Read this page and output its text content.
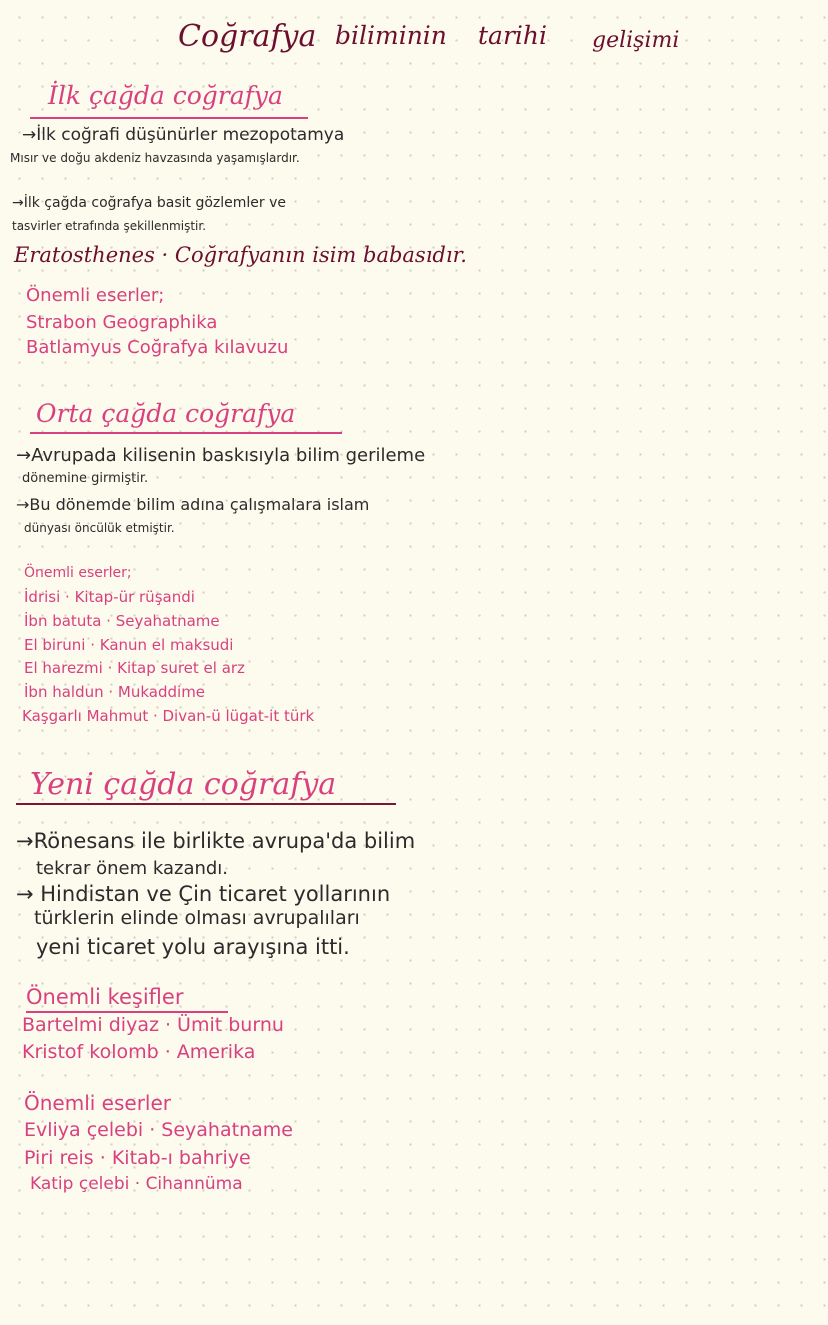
Coğrafya biliminin tarihi gelişimi
İlk çağda coğrafya
→İlk coğrafi düşünürler mezopotamya
Mısır ve doğu akdeniz havzasında yaşamışlardır.
→İlk çağda coğrafya basit gözlemler ve
tasvirler etrafında şekillenmiştir.
Eratosthenes · Coğrafyanın isim babasıdır.
Önemli eserler;
Strabon Geographika
Batlamyus Coğrafya kılavuzu
Orta çağda coğrafya
→Avrupada kilisenin baskısıyla bilim gerileme
dönemine girmiştir.
→Bu dönemde bilim adına çalışmalara islam
dünyası öncülük etmiştir.
Önemli eserler;
İdrisi · Kitap-ür rüşandi
İbn batuta · Seyahatname
El biruni · Kanun el maksudi
El harezmi · Kitap suret el arz
İbn haldun · Mukaddime
Kaşgarlı Mahmut · Divan-ü lügat-it türk
Yeni çağda coğrafya
→Rönesans ile birlikte avrupa'da bilim
tekrar önem kazandı.
→ Hindistan ve Çin ticaret yollarının
türklerin elinde olması avrupalıları
yeni ticaret yolu arayışına itti.
Önemli keşifler
Bartelmi diyaz · Ümit burnu
Kristof kolomb · Amerika
Önemli eserler
Evliya çelebi · Seyahatname
Piri reis · Kitab-ı bahriye
Katip çelebi · Cihannüma
